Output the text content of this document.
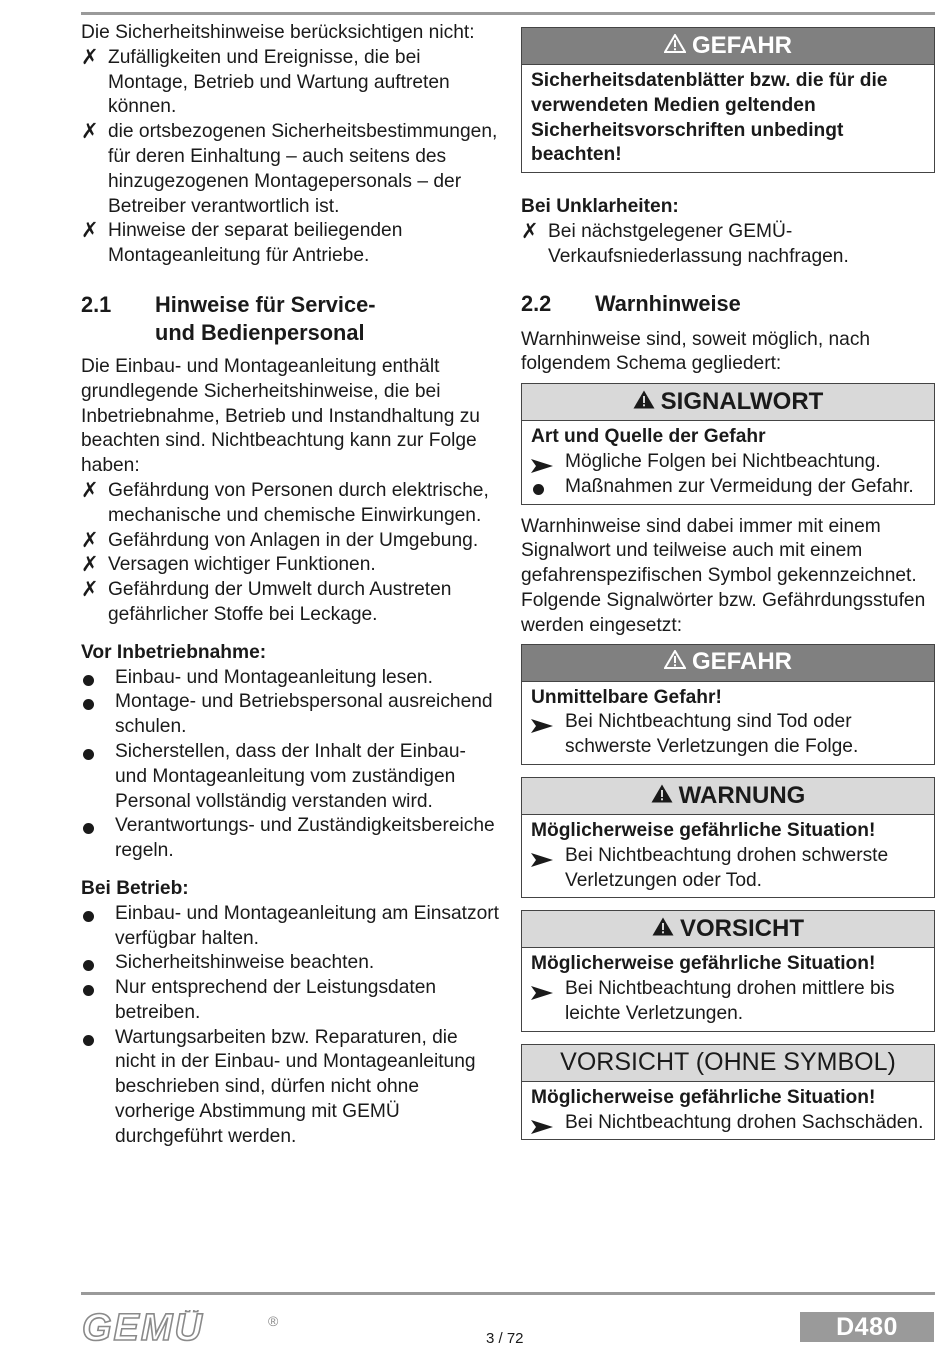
Die Sicherheitshinweise berücksichtigen nicht:

✗ Zufälligkeiten und Ereignisse, die bei Montage, Betrieb und Wartung auftreten können.
✗ die ortsbezogenen Sicherheitsbestimmungen, für deren Einhaltung – auch seitens des hinzugezogenen Montagepersonals – der Betreiber verantwortlich ist.
✗ Hinweise der separat beiliegenden Montageanleitung für Antriebe.
2.1 Hinweise für Service-
und Bedienpersonal

Die Einbau- und Montageanleitung enthält grundlegende Sicherheitshinweise, die bei Inbetriebnahme, Betrieb und Instandhaltung zu beachten sind. Nichtbeachtung kann zur Folge haben:

✗ Gefährdung von Personen durch elektrische, mechanische und chemische Einwirkungen.
✗ Gefährdung von Anlagen in der Umgebung.
✗ Versagen wichtiger Funktionen.
✗ Gefährdung der Umwelt durch Austreten gefährlicher Stoffe bei Leckage.

Vor Inbetriebnahme:

Einbau- und Montageanleitung lesen.
Montage- und Betriebspersonal ausreichend schulen.
Sicherstellen, dass der Inhalt der Einbau- und Montageanleitung vom zuständigen Personal vollständig verstanden wird.
Verantwortungs- und Zuständigkeitsbereiche regeln.

Bei Betrieb:

Einbau- und Montageanleitung am Einsatzort verfügbar halten.
Sicherheitshinweise beachten.
Nur entsprechend der Leistungsdaten betreiben.
Wartungsarbeiten bzw. Reparaturen, die nicht in der Einbau- und Montageanleitung beschrieben sind, dürfen nicht ohne vorherige Abstimmung mit GEMÜ durchgeführt werden.
GEFAHR

Sicherheitsdatenblätter bzw. die für die verwendeten Medien geltenden Sicherheitsvorschriften unbedingt beachten!

Bei Unklarheiten:

✗ Bei nächstgelegener GEMÜ-Verkaufsniederlassung nachfragen.
2.2 Warnhinweise

Warnhinweise sind, soweit möglich, nach folgendem Schema gegliedert:

SIGNALWORT

Art und Quelle der Gefahr

Mögliche Folgen bei Nichtbeachtung.
Maßnahmen zur Vermeidung der Gefahr.

Warnhinweise sind dabei immer mit einem Signalwort und teilweise auch mit einem gefahrenspezifischen Symbol gekennzeichnet.

Folgende Signalwörter bzw. Gefährdungsstufen werden eingesetzt:

GEFAHR

Unmittelbare Gefahr!

Bei Nichtbeachtung sind Tod oder schwerste Verletzungen die Folge.
WARNUNG

Möglicherweise gefährliche Situation!

Bei Nichtbeachtung drohen schwerste Verletzungen oder Tod.
VORSICHT

Möglicherweise gefährliche Situation!

Bei Nichtbeachtung drohen mittlere bis leichte Verletzungen.
VORSICHT (OHNE SYMBOL)

Möglicherweise gefährliche Situation!

Bei Nichtbeachtung drohen Sachschäden.
GEMÜ	®
3 / 72	D480
